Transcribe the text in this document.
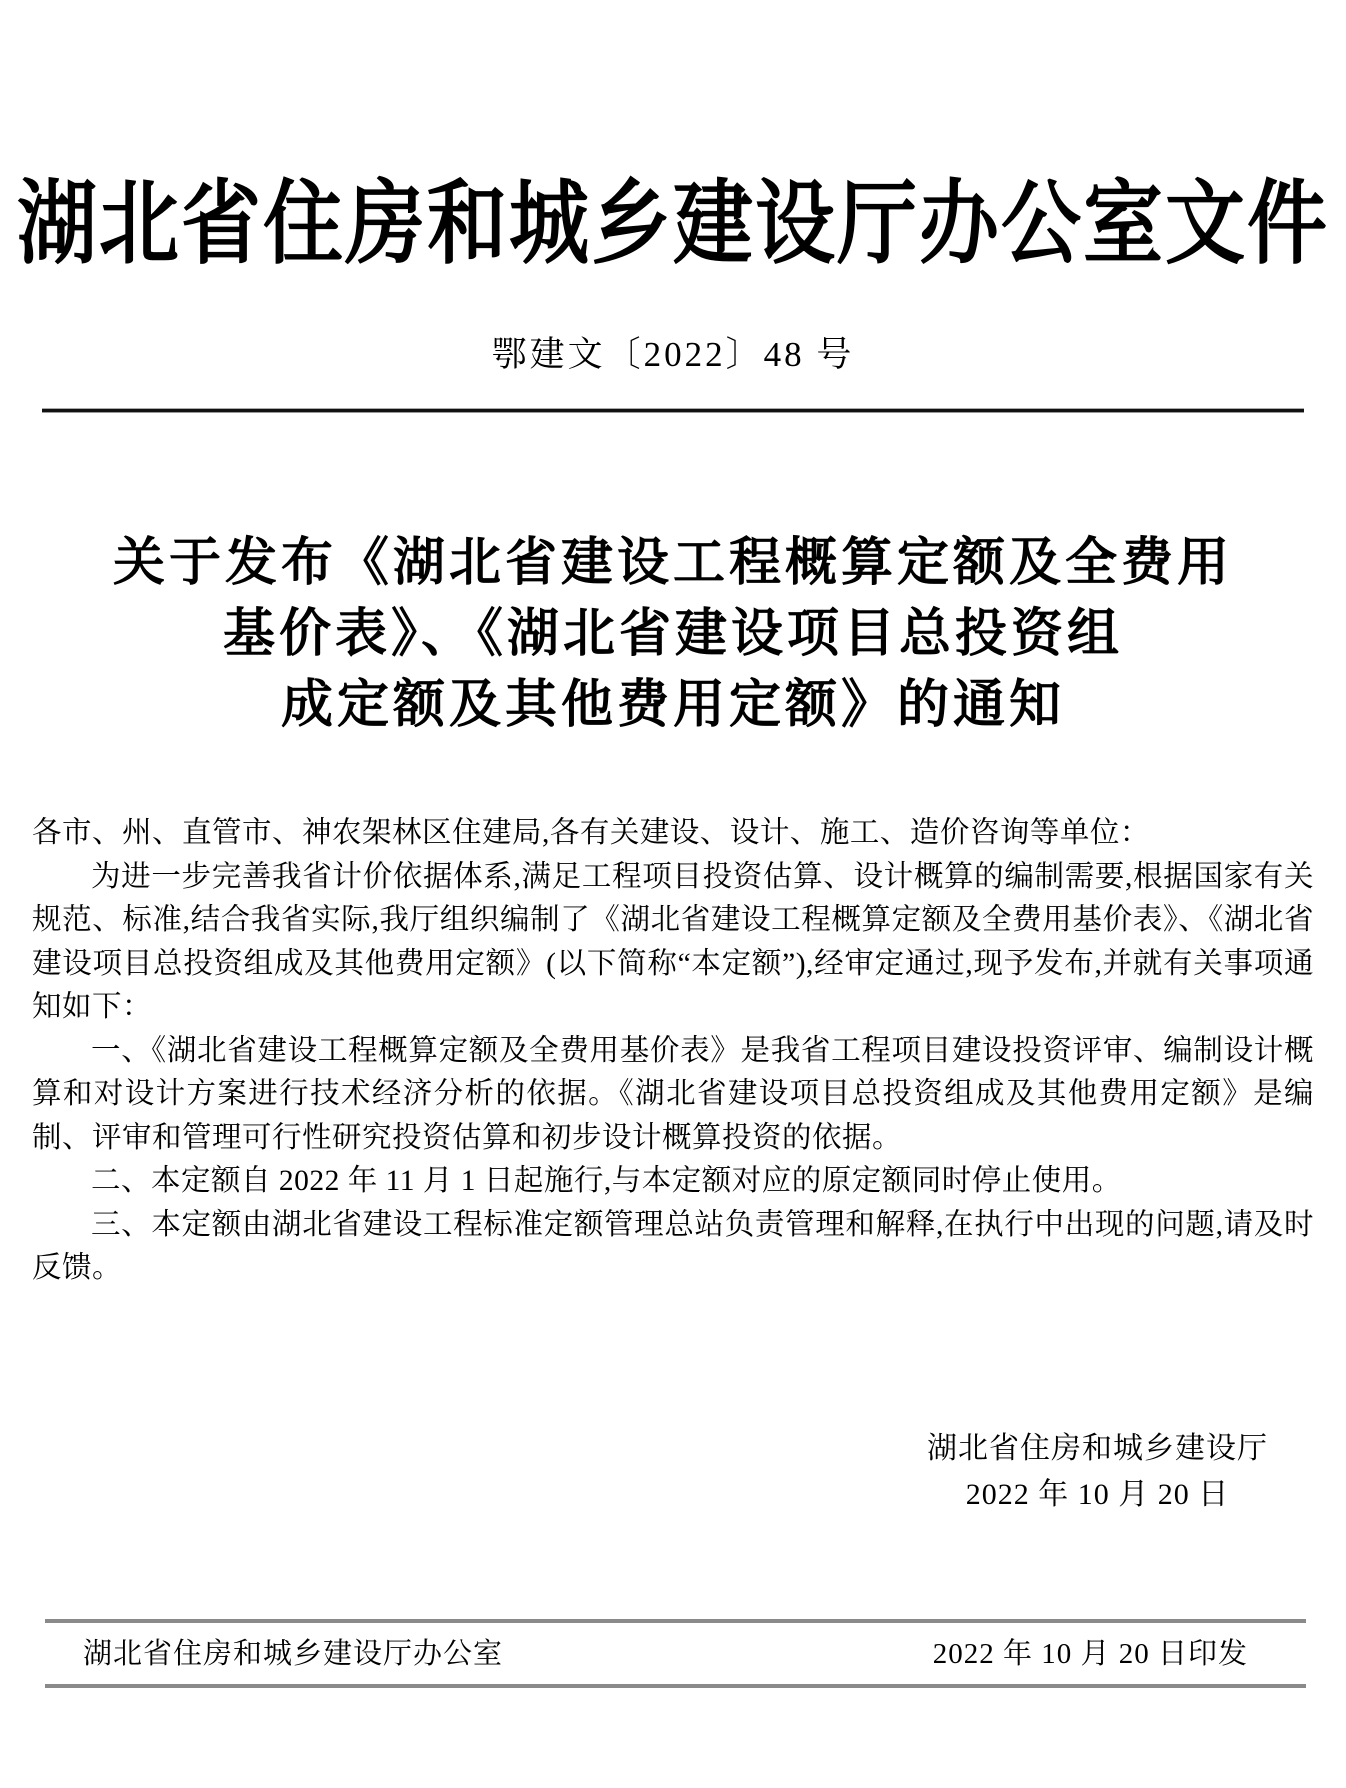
湖北省住房和城乡建设厅办公室文件
鄂建文〔2022〕48 号
关于发布《湖北省建设工程概算定额及全费用
基价表》、《湖北省建设项目总投资组
成定额及其他费用定额》的通知

各市、州、直管市、神农架林区住建局,各有关建设、设计、施工、造价咨询等单位：

为进一步完善我省计价依据体系,满足工程项目投资估算、设计概算的编制需要,根据国家有关规范、标准,结合我省实际,我厅组织编制了《湖北省建设工程概算定额及全费用基价表》、《湖北省建设项目总投资组成及其他费用定额》(以下简称“本定额”),经审定通过,现予发布,并就有关事项通知如下：

一、《湖北省建设工程概算定额及全费用基价表》是我省工程项目建设投资评审、编制设计概算和对设计方案进行技术经济分析的依据。《湖北省建设项目总投资组成及其他费用定额》是编制、评审和管理可行性研究投资估算和初步设计概算投资的依据。

二、本定额自 2022 年 11 月 1 日起施行,与本定额对应的原定额同时停止使用。

三、本定额由湖北省建设工程标准定额管理总站负责管理和解释,在执行中出现的问题,请及时反馈。

湖北省住房和城乡建设厅
2022 年 10 月 20 日
湖北省住房和城乡建设厅办公室	2022 年 10 月 20 日印发
